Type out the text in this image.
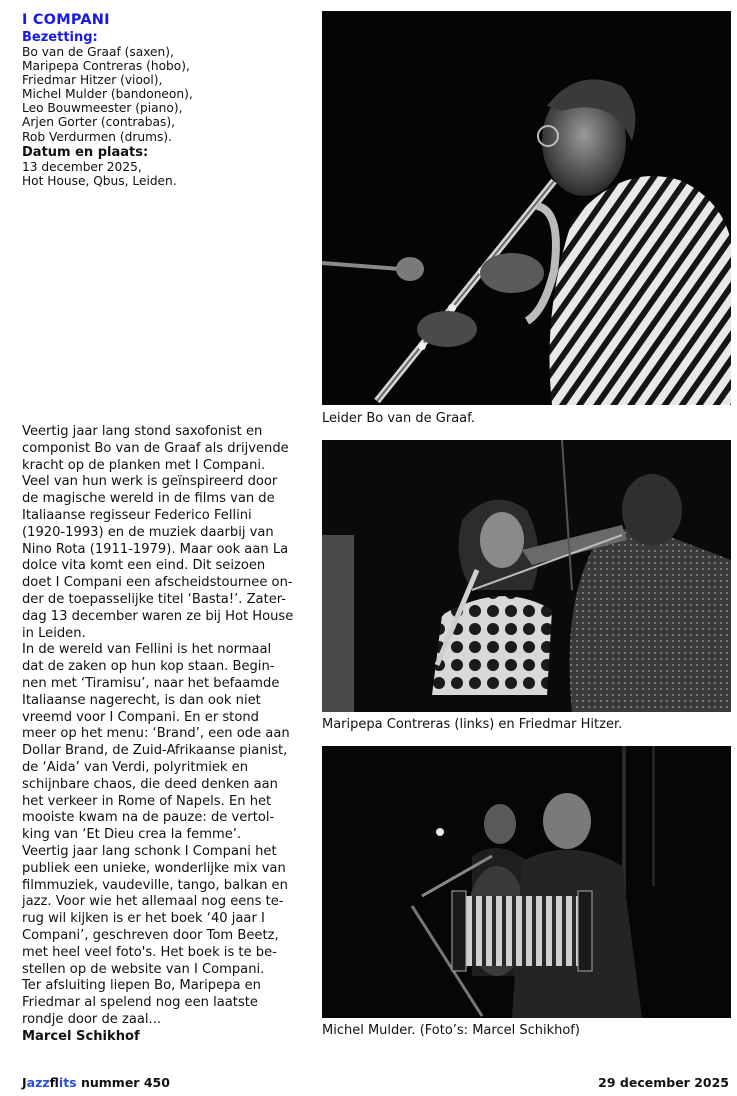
I COMPANI
Bezetting:
Bo van de Graaf (saxen),
Maripepa Contreras (hobo),
Friedmar Hitzer (viool),
Michel Mulder (bandoneon),
Leo Bouwmeester (piano),
Arjen Gorter (contrabas),
Rob Verdurmen (drums).
Datum en plaats:
13 december 2025,
Hot House, Qbus, Leiden.
Leider Bo van de Graaf.
Veertig jaar lang stond saxofonist en
componist Bo van de Graaf als drijvende
kracht op de planken met I Compani.
Veel van hun werk is geïnspireerd door
de magische wereld in de films van de
Italiaanse regisseur Federico Fellini
(1920-1993) en de muziek daarbij van
Nino Rota (1911-1979). Maar ook aan La
dolce vita komt een eind. Dit seizoen
doet I Compani een afscheidstournee on-
der de toepasselijke titel ‘Basta!’. Zater-
dag 13 december waren ze bij Hot House
in Leiden.
In de wereld van Fellini is het normaal
dat de zaken op hun kop staan. Begin-
nen met ‘Tiramisu’, naar het befaamde
Italiaanse nagerecht, is dan ook niet
vreemd voor I Compani. En er stond
meer op het menu: ‘Brand’, een ode aan
Dollar Brand, de Zuid-Afrikaanse pianist,
de ‘Aida’ van Verdi, polyritmiek en
schijnbare chaos, die deed denken aan
het verkeer in Rome of Napels. En het
mooiste kwam na de pauze: de vertol-
king van ‘Et Dieu crea la femme’.
Veertig jaar lang schonk I Compani het
publiek een unieke, wonderlijke mix van
filmmuziek, vaudeville, tango, balkan en
jazz. Voor wie het allemaal nog eens te-
rug wil kijken is er het boek ‘40 jaar I
Compani’, geschreven door Tom Beetz,
met heel veel foto's. Het boek is te be-
stellen op de website van I Compani.
Ter afsluiting liepen Bo, Maripepa en
Friedmar al spelend nog een laatste
rondje door de zaal...
Marcel Schikhof
Maripepa Contreras (links) en Friedmar Hitzer.
Michel Mulder. (Foto’s: Marcel Schikhof)
Jazzflits nummer 450	29 december 2025
